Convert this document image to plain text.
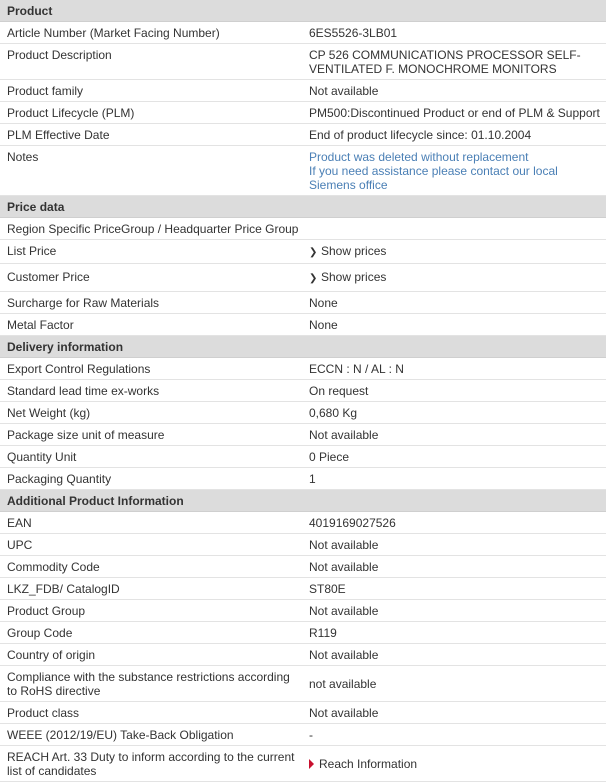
Product	
Article Number (Market Facing Number)	6ES5526-3LB01
Product Description	CP 526 COMMUNICATIONS PROCESSOR SELF-VENTILATED F. MONOCHROME MONITORS
Product family	Not available
Product Lifecycle (PLM)	PM500:Discontinued Product or end of PLM & Support
PLM Effective Date	End of product lifecycle since: 01.10.2004
Notes	Product was deleted without replacement
If you need assistance please contact our local Siemens office

Price data	
Region Specific PriceGroup / Headquarter Price Group	
List Price	❯ Show prices
Customer Price	❯ Show prices
Surcharge for Raw Materials	None
Metal Factor	None
Delivery information	
Export Control Regulations	ECCN : N / AL : N
Standard lead time ex-works	On request
Net Weight (kg)	0,680 Kg
Package size unit of measure	Not available
Quantity Unit	0 Piece
Packaging Quantity	1
Additional Product Information	
EAN	4019169027526
UPC	Not available
Commodity Code	Not available
LKZ_FDB/ CatalogID	ST80E
Product Group	Not available
Group Code	R119
Country of origin	Not available
Compliance with the substance restrictions according to RoHS directive	not available
Product class	Not available
WEEE (2012/19/EU) Take-Back Obligation	-
REACH Art. 33 Duty to inform according to the current list of candidates	Reach Information
